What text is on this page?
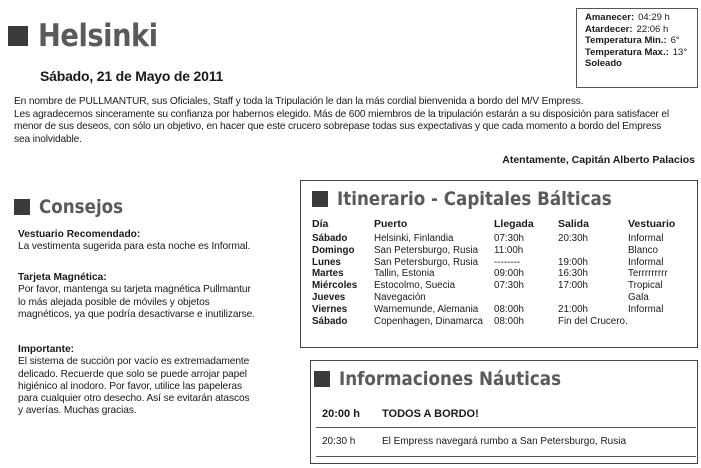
Helsinki
Sábado, 21 de Mayo de 2011
Amanecer: 04:29 h
Atardecer: 22:06 h
Temperatura Min.: 6°
Temperatura Max.: 13°
Soleado
En nombre de PULLMANTUR, sus Oficiales, Staff y toda la Tripulación le dan la más cordial bienvenida a bordo del M/V Empress.
Les agradecemos sinceramente su confianza por habernos elegido. Más de 600 miembros de la tripulación estarán a su disposición para satisfacer el
menor de sus deseos, con sólo un objetivo, en hacer que este crucero sobrepase todas sus expectativas y que cada momento a bordo del Empress
sea inolvidable.
Atentamente, Capitán Alberto Palacios
Consejos
Vestuario Recomendado:
La vestimenta sugerida para esta noche es Informal.
Tarjeta Magnética:
Por favor, mantenga su tarjeta magnética Pullmantur
lo más alejada posible de móviles y objetos
magnéticos, ya que podría desactivarse e inutilizarse.
Importante:
El sistema de succión por vacío es extremadamente
delicado. Recuerde que solo se puede arrojar papel
higiénico al inodoro. Por favor, utilice las papeleras
para cualquier otro desecho. Así se evitarán atascos
y averías. Muchas gracias.
Itinerario - Capitales Bálticas
Día	Puerto	Llegada	Salida	Vestuario
Sábado	Helsinki, Finlandia	07:30h	20:30h	Informal
Domingo	San Petersburgo, Rusia	11:00h		Blanco
Lunes	San Petersburgo, Rusia	--------	19:00h	Informal
Martes	Tallin, Estonia	09:00h	16:30h	Terrrrrrrrr
Miércoles	Estocolmo, Suecia	07:30h	17:00h	Tropical
Jueves	Navegación			Gala
Viernes	Warnemunde, Alemania	08:00h	21:00h	Informal
Sábado	Copenhagen, Dinamarca	08:00h	Fin del Crucero.	
Informaciones Náuticas
20:00 h	TODOS A BORDO!
20:30 h	El Empress navegará rumbo a San Petersburgo, Rusia
